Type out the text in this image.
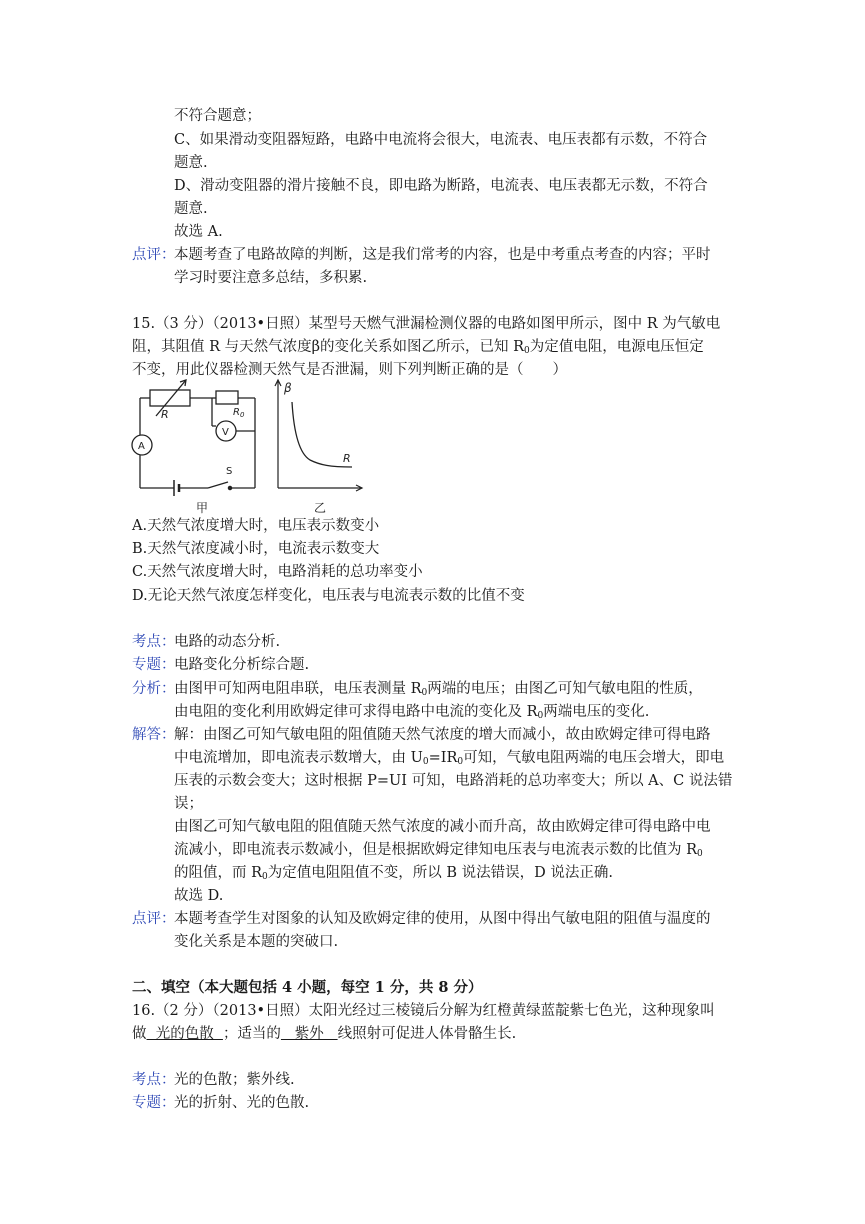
不符合题意；
C、如果滑动变阻器短路，电路中电流将会很大，电流表、电压表都有示数，不符合
题意.
D、滑动变阻器的滑片接触不良，即电路为断路，电流表、电压表都无示数，不符合
题意.
故选 A.
点评：
本题考查了电路故障的判断，这是我们常考的内容，也是中考重点考查的内容；平时
学习时要注意多总结，多积累.
15.（3 分）（2013•日照）某型号天燃气泄漏检测仪器的电路如图甲所示，图中 R 为气敏电
阻，其阻值 R 与天然气浓度β的变化关系如图乙所示，已知 $R_0$为定值电阻，电源电压恒定
不变，用此仪器检测天然气是否泄漏，则下列判断正确的是（　　）
R	$R_0$
V
A
S
甲
β
R
乙
A.天然气浓度增大时，电压表示数变小
B.天然气浓度减小时，电流表示数变大
C.天然气浓度增大时，电路消耗的总功率变小
D.无论天然气浓度怎样变化，电压表与电流表示数的比值不变
考点：
电路的动态分析.
专题：
电路变化分析综合题.
分析：
由图甲可知两电阻串联，电压表测量 $R_0$两端的电压；由图乙可知气敏电阻的性质，
由电阻的变化利用欧姆定律可求得电路中电流的变化及 $R_0$两端电压的变化.
解答：
解：由图乙可知气敏电阻的阻值随天然气浓度的增大而减小，故由欧姆定律可得电路
中电流增加，即电流表示数增大，由 $U_0=IR_0$可知，气敏电阻两端的电压会增大，即电
压表的示数会变大；这时根据 P=UI 可知，电路消耗的总功率变大；所以 A、C 说法错
误；
由图乙可知气敏电阻的阻值随天然气浓度的减小而升高，故由欧姆定律可得电路中电
流减小，即电流表示数减小，但是根据欧姆定律知电压表与电流表示数的比值为 $R_0$
的阻值，而 $R_0$为定值电阻阻值不变，所以 B 说法错误，D 说法正确.
故选 D.
点评：
本题考查学生对图象的认知及欧姆定律的使用，从图中得出气敏电阻的阻值与温度的
变化关系是本题的突破口.
二、填空（本大题包括 4 小题，每空 1 分，共 8 分）
16.（2 分）（2013•日照）太阳光经过三棱镜后分解为红橙黄绿蓝靛紫七色光，这种现象叫
做  光的色散  ；适当的   紫外   线照射可促进人体骨骼生长.
考点：
光的色散；紫外线.
专题：
光的折射、光的色散.
